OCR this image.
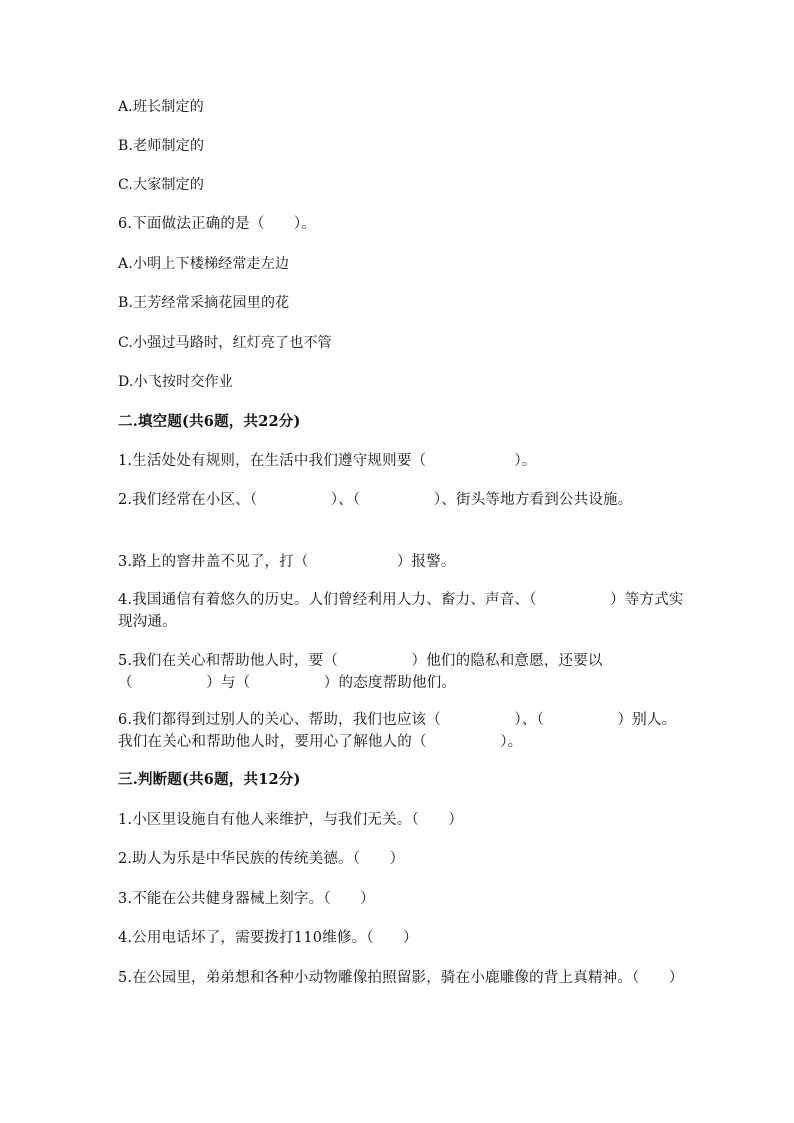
A.班长制定的
B.老师制定的
C.大家制定的
6.下面做法正确的是（　　）。
A.小明上下楼梯经常走左边
B.王芳经常采摘花园里的花
C.小强过马路时，红灯亮了也不管
D.小飞按时交作业
二.填空题(共6题，共22分)
1.生活处处有规则，在生活中我们遵守规则要（　　　　　　）。
2.我们经常在小区、（　　　　　）、（　　　　　）、街头等地方看到公共设施。
3.路上的窨井盖不见了，打（　　　　　　）报警。
4.我国通信有着悠久的历史。人们曾经利用人力、畜力、声音、（　　　　　）等方式实现沟通。
5.我们在关心和帮助他人时，要（　　　　　）他们的隐私和意愿，还要以（　　　　　）与（　　　　　）的态度帮助他们。
6.我们都得到过别人的关心、帮助，我们也应该（　　　　　）、（　　　　　）别人。我们在关心和帮助他人时，要用心了解他人的（　　　　　）。
三.判断题(共6题，共12分)
1.小区里设施自有他人来维护，与我们无关。（　　）
2.助人为乐是中华民族的传统美德。（　　）
3.不能在公共健身器械上刻字。（　　）
4.公用电话坏了，需要拨打110维修。（　　）
5.在公园里，弟弟想和各种小动物雕像拍照留影，骑在小鹿雕像的背上真精神。（　　）
